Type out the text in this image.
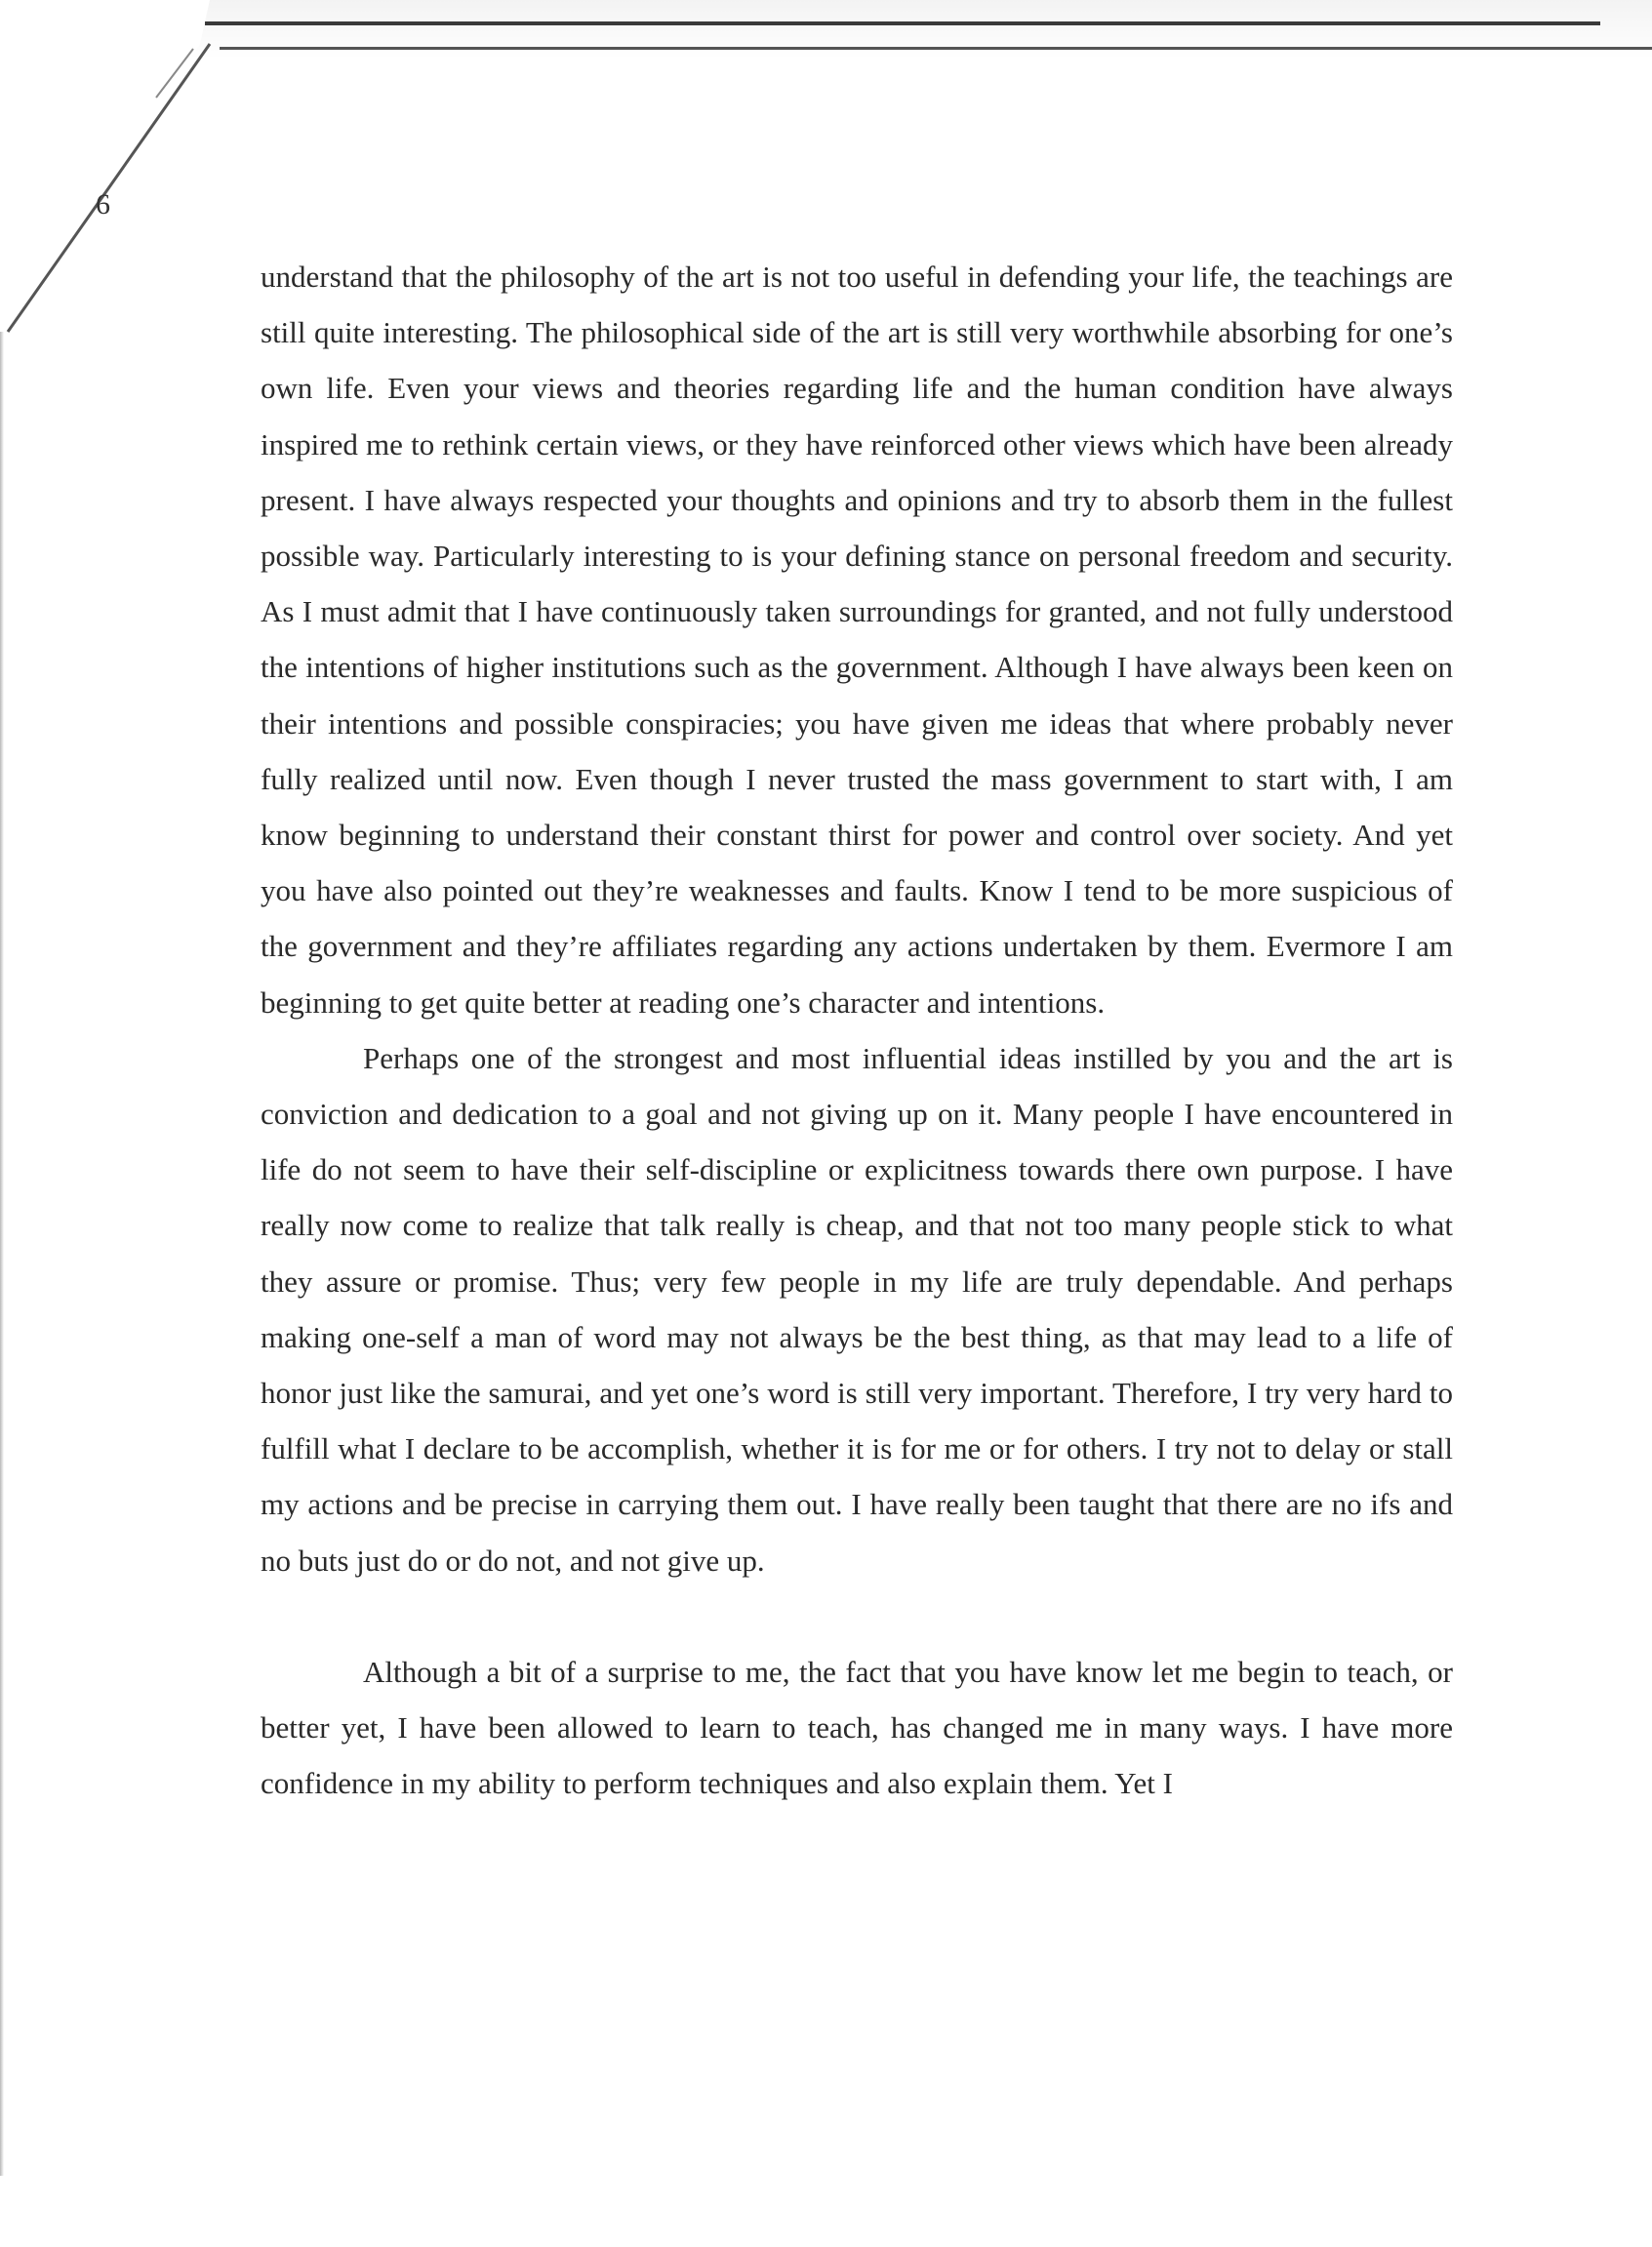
6

understand that the philosophy of the art is not too useful in defending your life, the teachings are still quite interesting. The philosophical side of the art is still very worthwhile absorbing for one’s own life. Even your views and theories regarding life and the human condition have always inspired me to rethink certain views, or they have reinforced other views which have been already present. I have always respected your thoughts and opinions and try to absorb them in the fullest possible way. Particularly interesting to is your defining stance on personal freedom and security. As I must admit that I have continuously taken surroundings for granted, and not fully understood the intentions of higher institutions such as the government. Although I have always been keen on their intentions and possible conspiracies; you have given me ideas that where probably never fully realized until now. Even though I never trusted the mass government to start with, I am know beginning to understand their constant thirst for power and control over society. And yet you have also pointed out they’re weaknesses and faults. Know I tend to be more suspicious of the government and they’re affiliates regarding any actions undertaken by them. Evermore I am beginning to get quite better at reading one’s character and intentions.

Perhaps one of the strongest and most influential ideas instilled by you and the art is conviction and dedication to a goal and not giving up on it. Many people I have encountered in life do not seem to have their self-discipline or explicitness towards there own purpose. I have really now come to realize that talk really is cheap, and that not too many people stick to what they assure or promise. Thus; very few people in my life are truly dependable. And perhaps making one-self a man of word may not always be the best thing, as that may lead to a life of honor just like the samurai, and yet one’s word is still very important. Therefore, I try very hard to fulfill what I declare to be accomplish, whether it is for me or for others. I try not to delay or stall my actions and be precise in carrying them out. I have really been taught that there are no ifs and no buts just do or do not, and not give up.

Although a bit of a surprise to me, the fact that you have know let me begin to teach, or better yet, I have been allowed to learn to teach, has changed me in many ways. I have more confidence in my ability to perform techniques and also explain them. Yet I
